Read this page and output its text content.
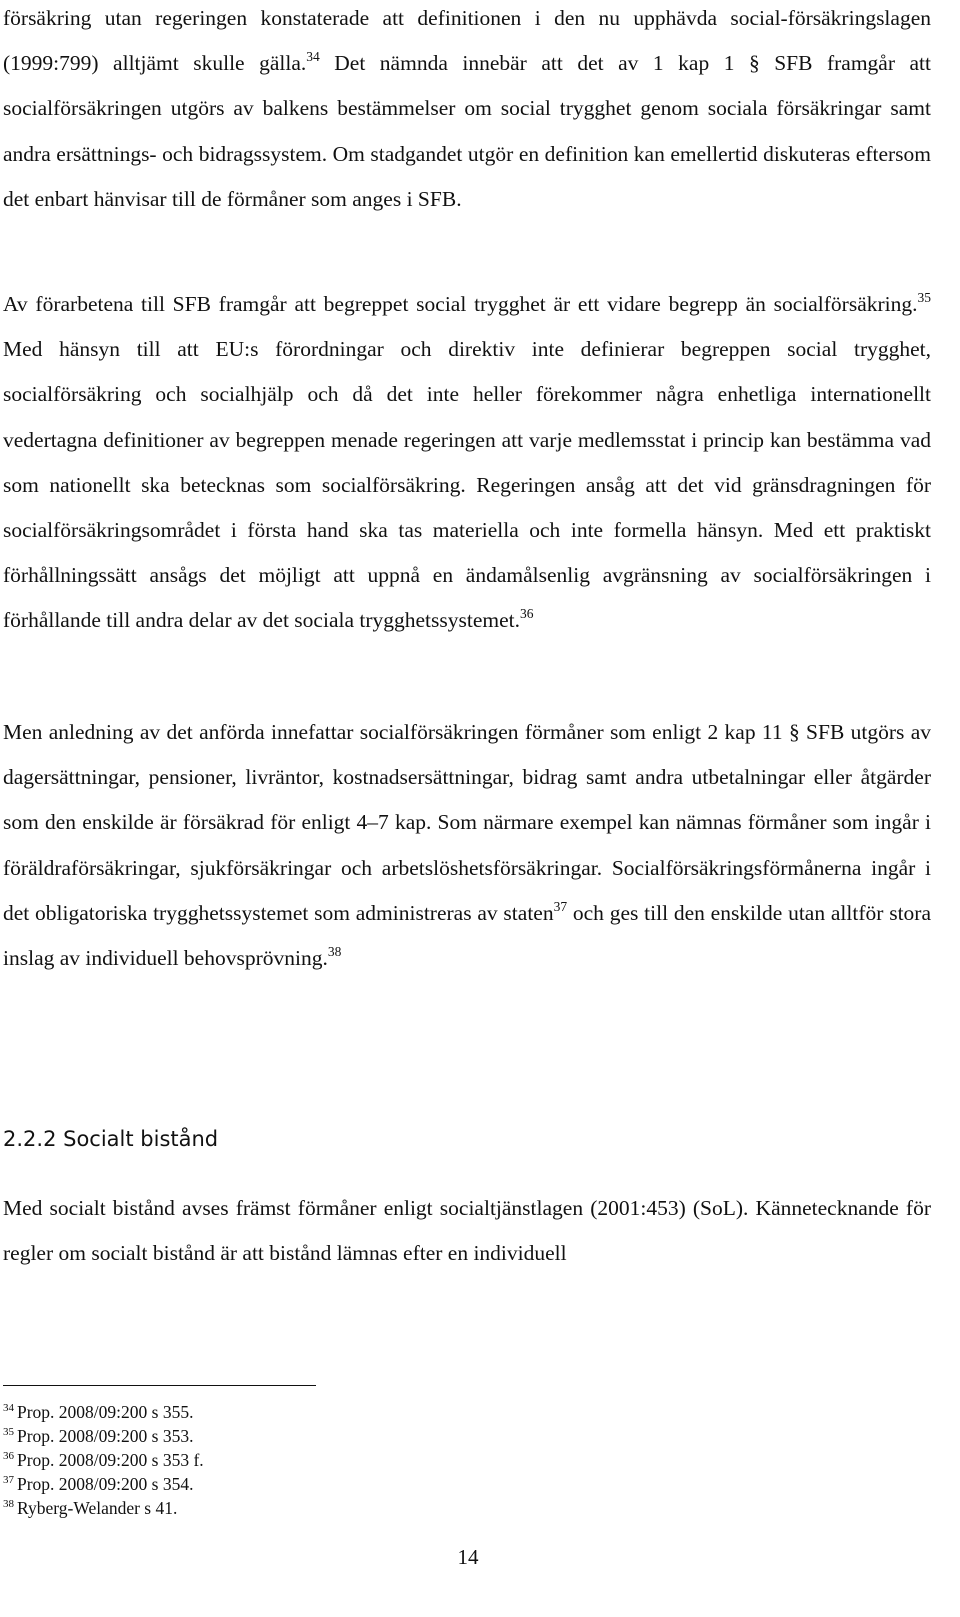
försäkring utan regeringen konstaterade att definitionen i den nu upphävda social-försäkringslagen (1999:799) alltjämt skulle gälla.$^{34}$ Det nämnda innebär att det av 1 kap 1 § SFB framgår att socialförsäkringen utgörs av balkens bestämmelser om social trygghet genom sociala försäkringar samt andra ersättnings- och bidragssystem. Om stadgandet utgör en definition kan emellertid diskuteras eftersom det enbart hänvisar till de förmåner som anges i SFB.

Av förarbetena till SFB framgår att begreppet social trygghet är ett vidare begrepp än socialförsäkring.$^{35}$ Med hänsyn till att EU:s förordningar och direktiv inte definierar begreppen social trygghet, socialförsäkring och socialhjälp och då det inte heller förekommer några enhetliga internationellt vedertagna definitioner av begreppen menade regeringen att varje medlemsstat i princip kan bestämma vad som nationellt ska betecknas som socialförsäkring. Regeringen ansåg att det vid gränsdragningen för socialförsäkringsområdet i första hand ska tas materiella och inte formella hänsyn. Med ett praktiskt förhållningssätt ansågs det möjligt att uppnå en ändamålsenlig avgränsning av socialförsäkringen i förhållande till andra delar av det sociala trygghetssystemet.$^{36}$

Men anledning av det anförda innefattar socialförsäkringen förmåner som enligt 2 kap 11 § SFB utgörs av dagersättningar, pensioner, livräntor, kostnadsersättningar, bidrag samt andra utbetalningar eller åtgärder som den enskilde är försäkrad för enligt 4–7 kap. Som närmare exempel kan nämnas förmåner som ingår i föräldraförsäkringar, sjukförsäkringar och arbetslöshetsförsäkringar. Socialförsäkringsförmånerna ingår i det obligatoriska trygghetssystemet som administreras av staten$^{37}$ och ges till den enskilde utan alltför stora inslag av individuell behovsprövning.$^{38}$

2.2.2 Socialt bistånd

Med socialt bistånd avses främst förmåner enligt socialtjänstlagen (2001:453) (SoL). Kännetecknande för regler om socialt bistånd är att bistånd lämnas efter en individuell

$^{34}$ Prop. 2008/09:200 s 355.
$^{35}$ Prop. 2008/09:200 s 353.
$^{36}$ Prop. 2008/09:200 s 353 f.
$^{37}$ Prop. 2008/09:200 s 354.
$^{38}$ Ryberg-Welander s 41.
14
